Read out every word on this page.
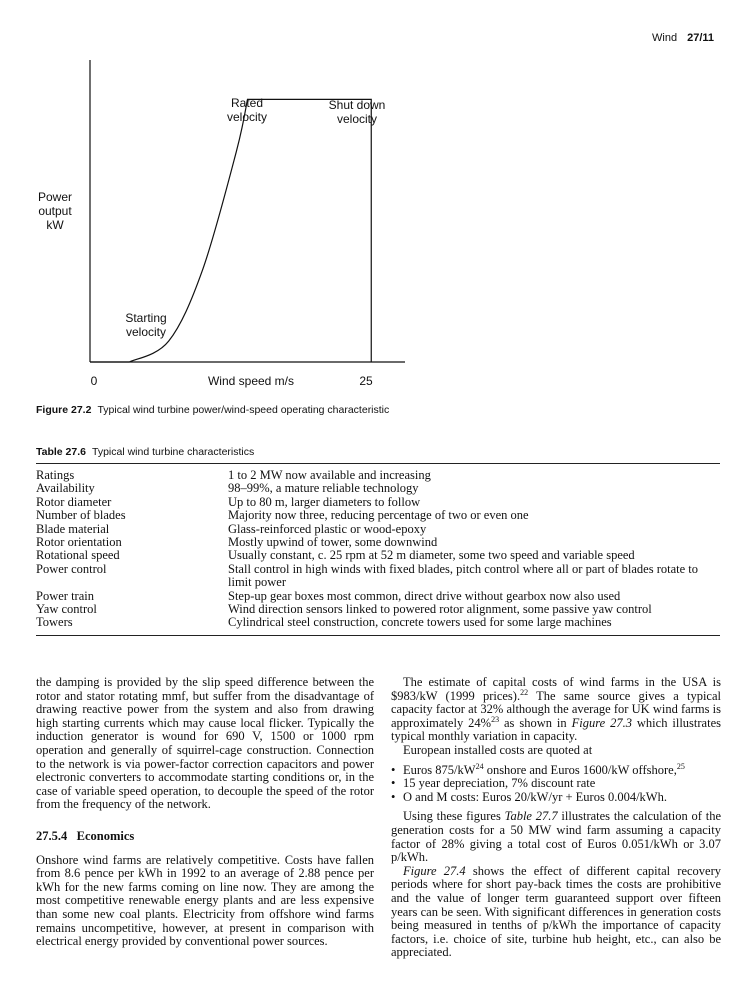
Wind 27/11
Power
output
kW
Rated
velocity
Shut down
velocity
Starting
velocity
0	25
Wind speed m/s
Figure 27.2 Typical wind turbine power/wind-speed operating characteristic
Table 27.6 Typical wind turbine characteristics
Ratings	1 to 2 MW now available and increasing
Availability	98–99%, a mature reliable technology
Rotor diameter	Up to 80 m, larger diameters to follow
Number of blades	Majority now three, reducing percentage of two or even one
Blade material	Glass-reinforced plastic or wood-epoxy
Rotor orientation	Mostly upwind of tower, some downwind
Rotational speed	Usually constant, c. 25 rpm at 52 m diameter, some two speed and variable speed
Power control	Stall control in high winds with fixed blades, pitch control where all or part of blades rotate to limit power
Power train	Step-up gear boxes most common, direct drive without gearbox now also used
Yaw control	Wind direction sensors linked to powered rotor alignment, some passive yaw control
Towers	Cylindrical steel construction, concrete towers used for some large machines

the damping is provided by the slip speed difference between the rotor and stator rotating mmf, but suffer from the disadvantage of drawing reactive power from the system and also from drawing high starting currents which may cause local flicker. Typically the induction generator is wound for 690 V, 1500 or 1000 rpm operation and generally of squirrel-cage construction. Connection to the network is via power-factor correction capacitors and power electronic converters to accommodate starting conditions or, in the case of variable speed operation, to decouple the speed of the rotor from the frequency of the network.

27.5.4   Economics

Onshore wind farms are relatively competitive. Costs have fallen from 8.6 pence per kWh in 1992 to an average of 2.88 pence per kWh for the new farms coming on line now. They are among the most competitive renewable energy plants and are less expensive than some new coal plants. Electricity from offshore wind farms remains uncompetitive, however, at present in comparison with electrical energy provided by conventional power sources.

The estimate of capital costs of wind farms in the USA is $983/kW (1999 prices).$^{22}$ The same source gives a typical capacity factor at 32% although the average for UK wind farms is approximately 24%$^{23}$ as shown in Figure 27.3 which illustrates typical monthly variation in capacity.

European installed costs are quoted at

• Euros $875/kW^{24}$ onshore and Euros 1600/kW offshore,$^{25}$
• 15 year depreciation, 7% discount rate
• O and M costs: Euros 20/kW/yr + Euros 0.004/kWh.

Using these figures Table 27.7 illustrates the calculation of the generation costs for a 50 MW wind farm assuming a capacity factor of 28% giving a total cost of Euros 0.051/kWh or 3.07 p/kWh.

Figure 27.4 shows the effect of different capital recovery periods where for short pay-back times the costs are prohibitive and the value of longer term guaranteed support over fifteen years can be seen. With significant differences in generation costs being measured in tenths of p/kWh the importance of capacity factors, i.e. choice of site, turbine hub height, etc., can also be appreciated.
